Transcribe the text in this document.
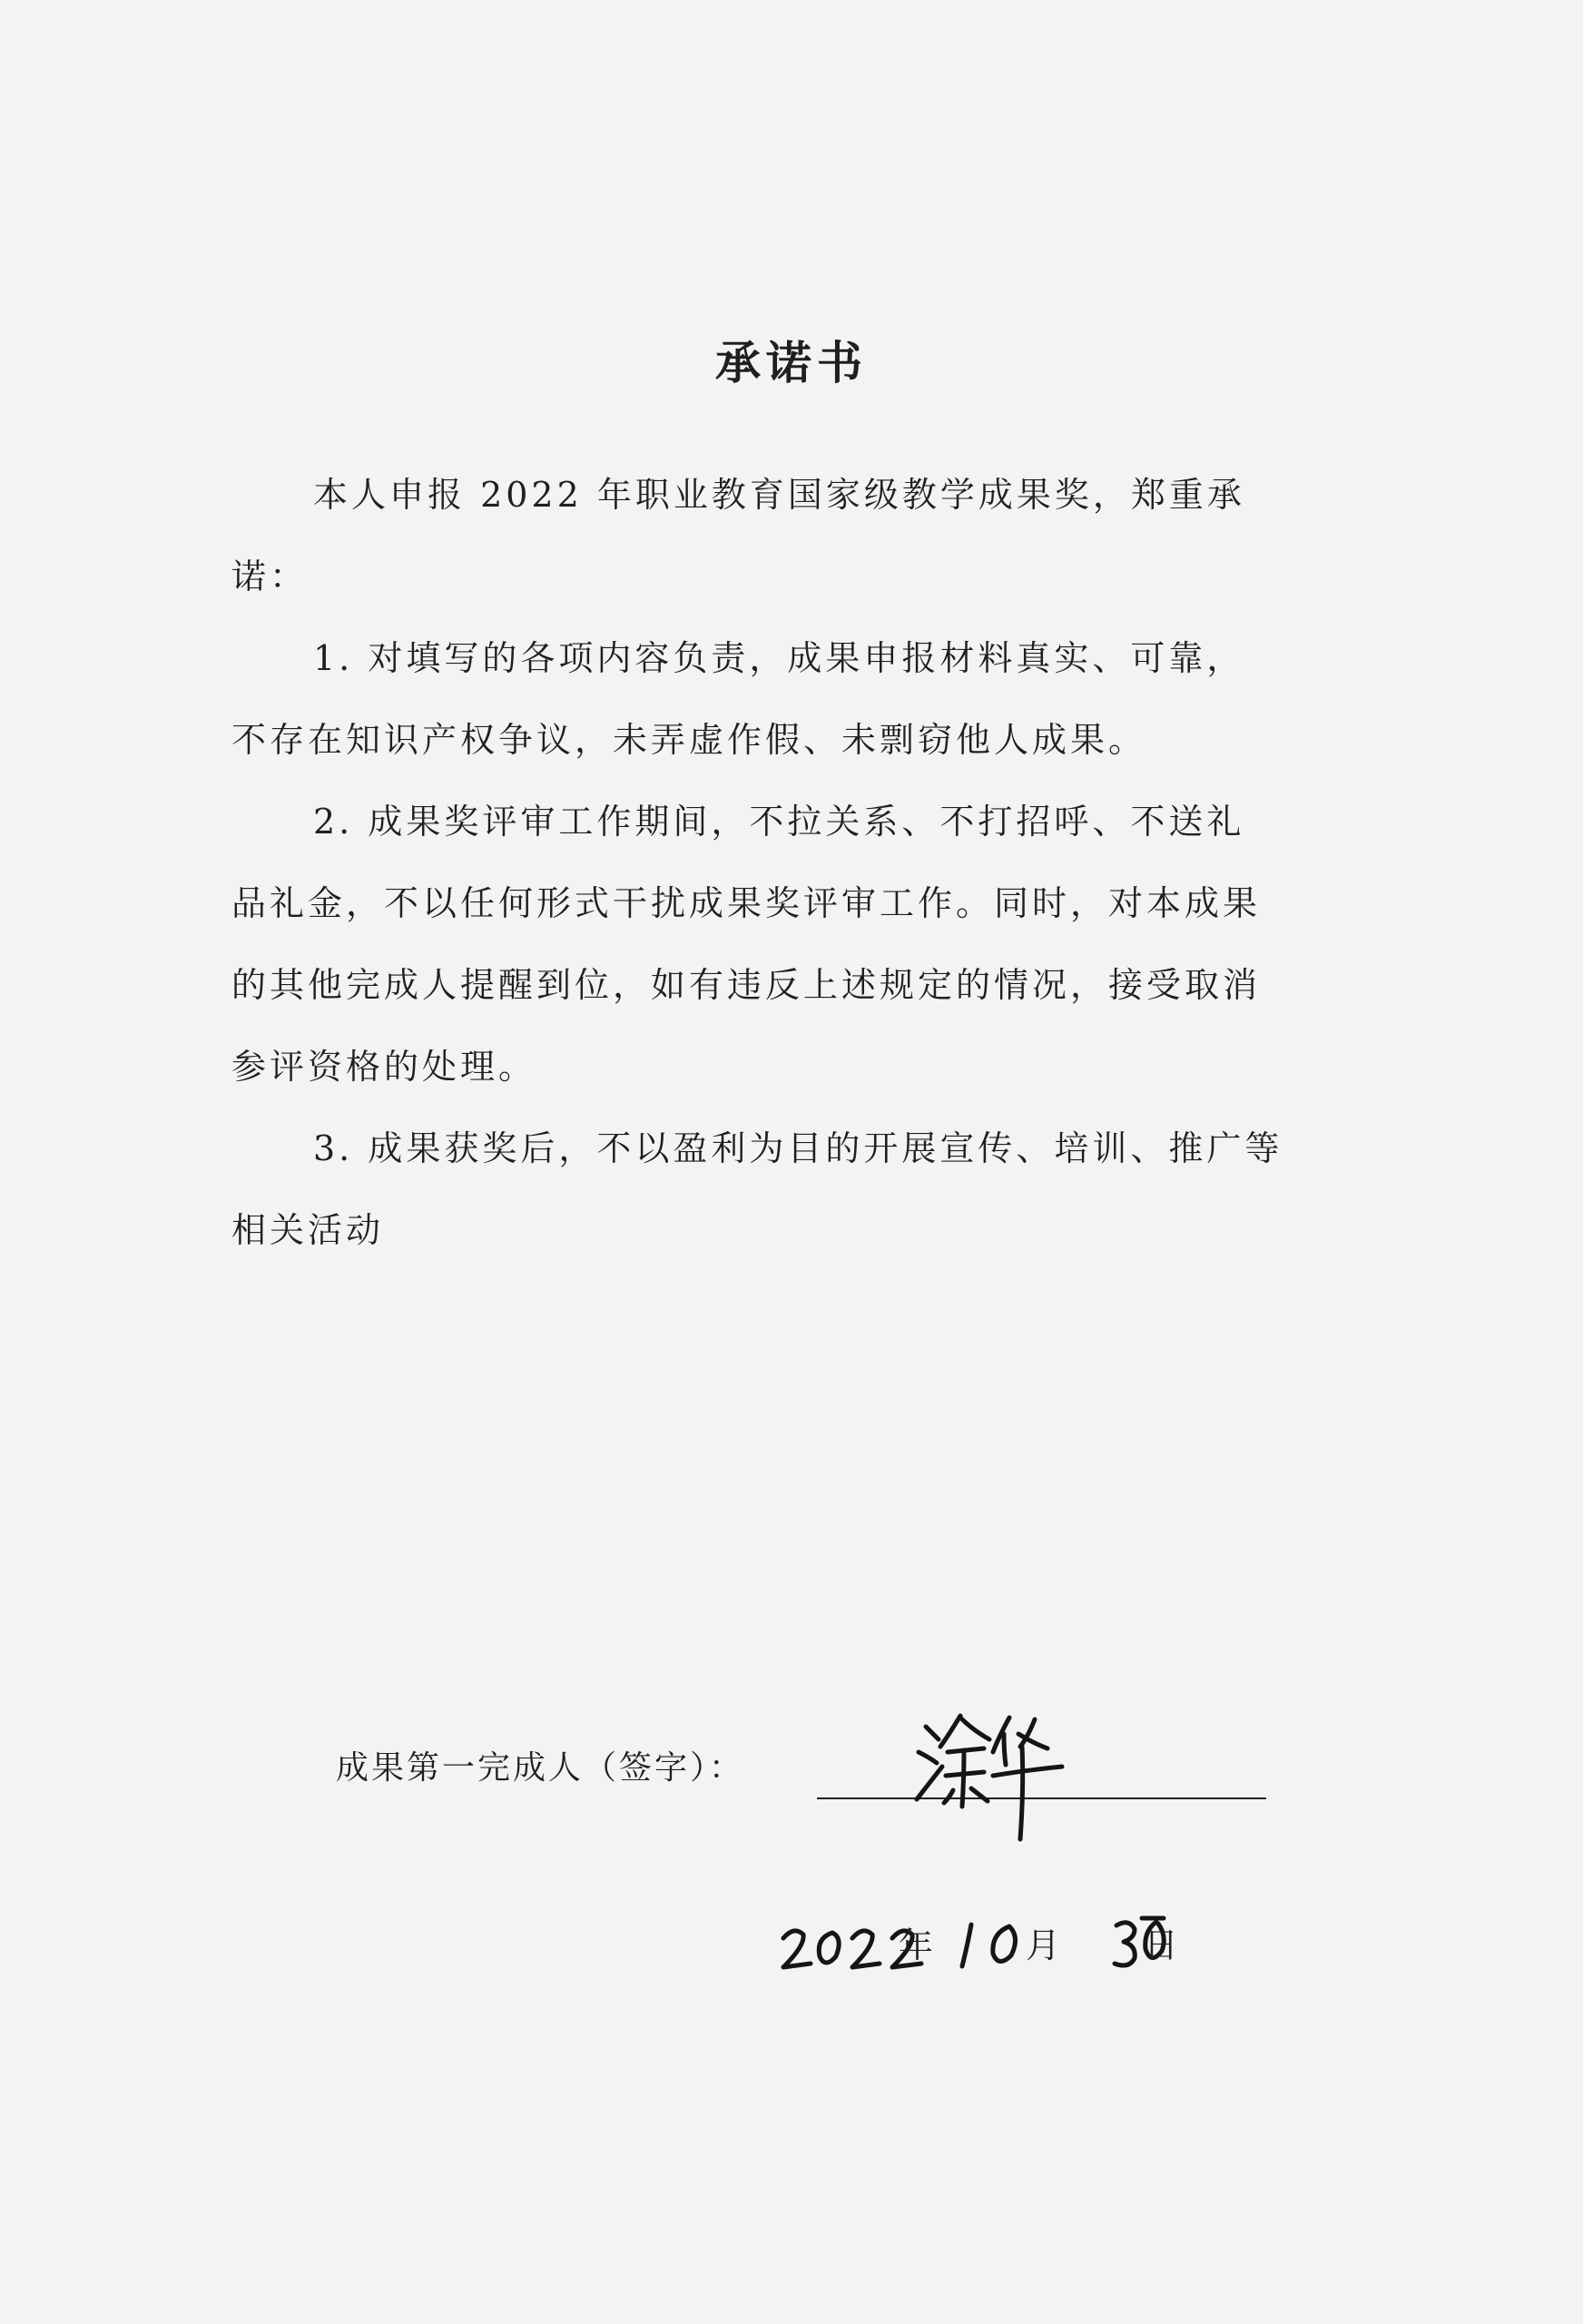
承诺书
本人申报 2022 年职业教育国家级教学成果奖，郑重承
诺：
1. 对填写的各项内容负责，成果申报材料真实、可靠，
不存在知识产权争议，未弄虚作假、未剽窃他人成果。
2. 成果奖评审工作期间，不拉关系、不打招呼、不送礼
品礼金，不以任何形式干扰成果奖评审工作。同时，对本成果
的其他完成人提醒到位，如有违反上述规定的情况，接受取消
参评资格的处理。
3. 成果获奖后，不以盈利为目的开展宣传、培训、推广等
相关活动
成果第一完成人（签字）：
年	月 日
